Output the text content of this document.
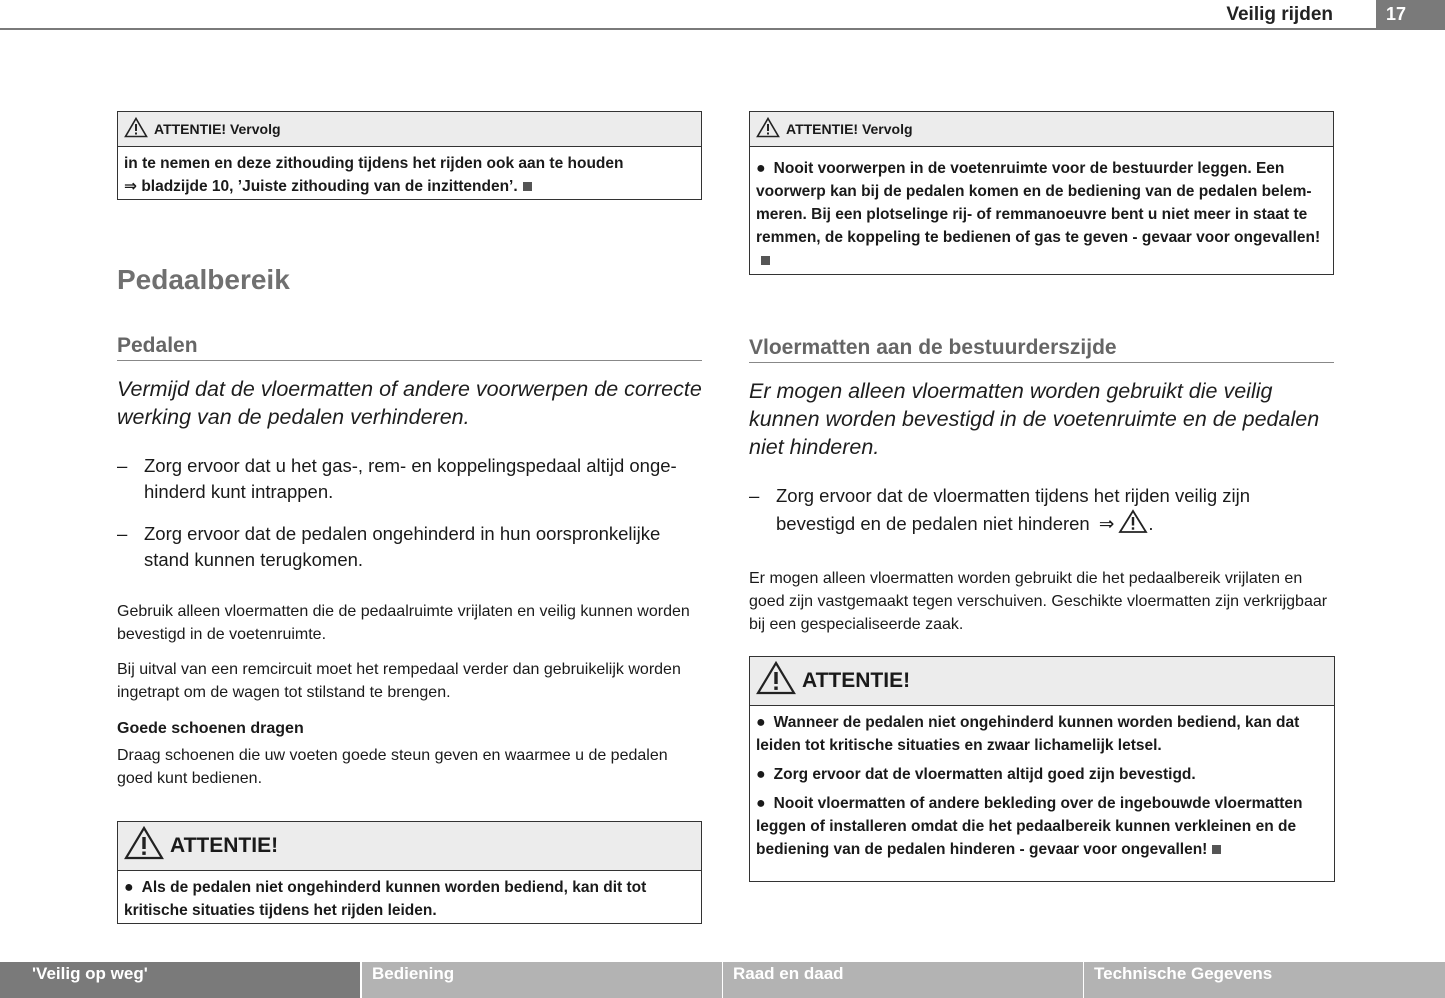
Veilig rijden	17
ATTENTIE! Vervolg
in te nemen en deze zithouding tijdens het rijden ook aan te houden
⇒ bladzijde 10, ’Juiste zithouding van de inzittenden’.
Pedaalbereik
Pedalen

Vermijd dat de vloermatten of andere voorwerpen de correcte werking van de pedalen verhinderen.

– Zorg ervoor dat u het gas-, rem- en koppelingspedaal altijd ongehinderd kunt intrappen.
– Zorg ervoor dat de pedalen ongehinderd in hun oorspronkelijke stand kunnen terugkomen.

Gebruik alleen vloermatten die de pedaalruimte vrijlaten en veilig kunnen worden bevestigd in de voetenruimte.

Bij uitval van een remcircuit moet het rempedaal verder dan gebruikelijk worden ingetrapt om de wagen tot stilstand te brengen.

Goede schoenen dragen

Draag schoenen die uw voeten goede steun geven en waarmee u de pedalen goed kunt bedienen.

ATTENTIE!

● Als de pedalen niet ongehinderd kunnen worden bediend, kan dit tot kritische situaties tijdens het rijden leiden.

ATTENTIE! Vervolg

● Nooit voorwerpen in de voetenruimte voor de bestuurder leggen. Een voorwerp kan bij de pedalen komen en de bediening van de pedalen belemmeren. Bij een plotselinge rij- of remmanoeuvre bent u niet meer in staat te remmen, de koppeling te bedienen of gas te geven - gevaar voor ongevallen!

Vloermatten aan de bestuurderszijde

Er mogen alleen vloermatten worden gebruikt die veilig kunnen worden bevestigd in de voetenruimte en de pedalen niet hinderen.

– Zorg ervoor dat de vloermatten tijdens het rijden veilig zijn bevestigd en de pedalen niet hinderen ⇒ .

Er mogen alleen vloermatten worden gebruikt die het pedaalbereik vrijlaten en goed zijn vastgemaakt tegen verschuiven. Geschikte vloermatten zijn verkrijgbaar bij een gespecialiseerde zaak.

ATTENTIE!

● Wanneer de pedalen niet ongehinderd kunnen worden bediend, kan dat leiden tot kritische situaties en zwaar lichamelijk letsel.

● Zorg ervoor dat de vloermatten altijd goed zijn bevestigd.

● Nooit vloermatten of andere bekleding over de ingebouwde vloermatten leggen of installeren omdat die het pedaalbereik kunnen verkleinen en de bediening van de pedalen hinderen - gevaar voor ongevallen!

'Veilig op weg'	Bediening	Raad en daad	Technische Gegevens
